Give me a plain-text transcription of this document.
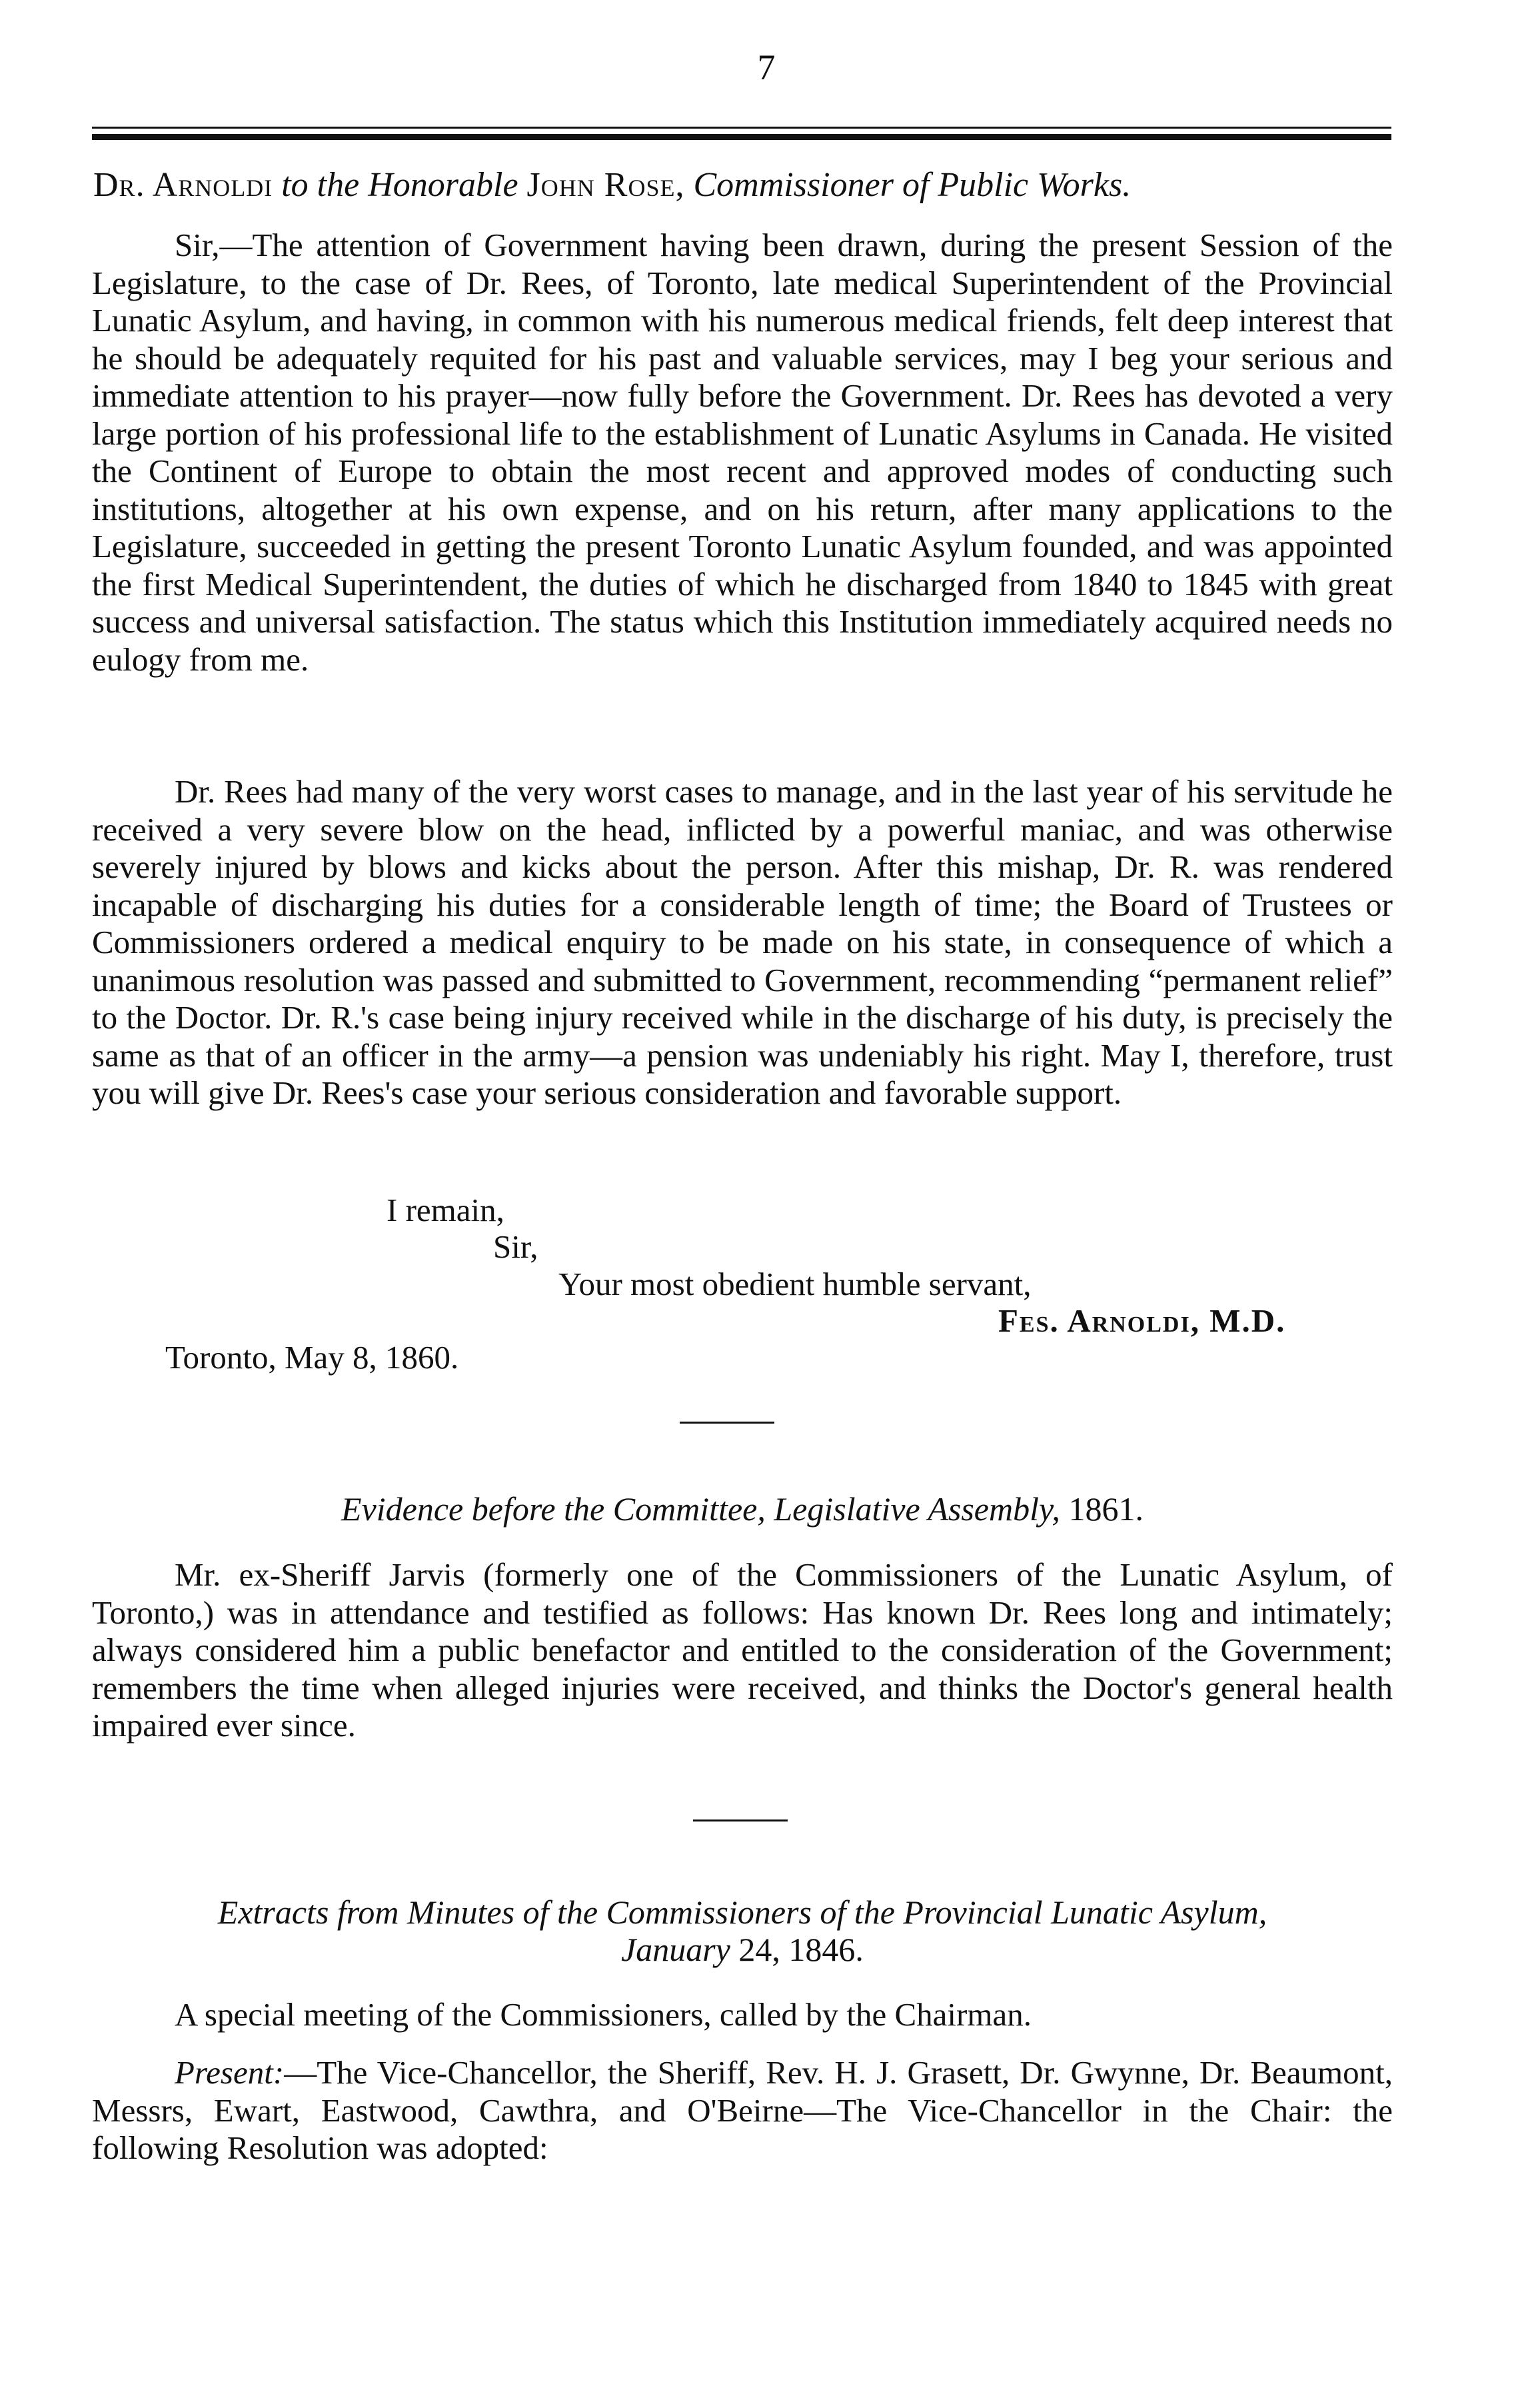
7
Dr. Arnoldi to the Honorable John Rose, Commissioner of Public Works.

Sir,—The attention of Government having been drawn, during the present Session of the Legislature, to the case of Dr. Rees, of Toronto, late medical Superintendent of the Provincial Lunatic Asylum, and having, in common with his numerous medical friends, felt deep interest that he should be adequately requited for his past and valuable services, may I beg your serious and immediate attention to his prayer—now fully before the Government. Dr. Rees has devoted a very large portion of his professional life to the establishment of Lunatic Asylums in Canada. He visited the Continent of Europe to obtain the most recent and approved modes of conducting such institutions, altogether at his own expense, and on his return, after many applications to the Legislature, succeeded in getting the present Toronto Lunatic Asylum founded, and was appointed the first Medical Superintendent, the duties of which he discharged from 1840 to 1845 with great success and universal satisfaction. The status which this Institution immediately acquired needs no eulogy from me.

Dr. Rees had many of the very worst cases to manage, and in the last year of his servitude he received a very severe blow on the head, inflicted by a powerful maniac, and was otherwise severely injured by blows and kicks about the person. After this mishap, Dr. R. was rendered incapable of discharging his duties for a considerable length of time; the Board of Trustees or Commissioners ordered a medical enquiry to be made on his state, in consequence of which a unanimous resolution was passed and submitted to Government, recommending “permanent relief” to the Doctor. Dr. R.'s case being injury received while in the discharge of his duty, is precisely the same as that of an officer in the army—a pension was undeniably his right. May I, therefore, trust you will give Dr. Rees's case your serious consideration and favorable support.

I remain,
Sir,
Your most obedient humble servant,
Fes. Arnoldi, M.D.
Toronto, May 8, 1860.
Evidence before the Committee, Legislative Assembly, 1861.

Mr. ex-Sheriff Jarvis (formerly one of the Commissioners of the Lunatic Asylum, of Toronto,) was in attendance and testified as follows: Has known Dr. Rees long and intimately; always considered him a public benefactor and entitled to the consideration of the Government; remembers the time when alleged injuries were received, and thinks the Doctor's general health impaired ever since.

Extracts from Minutes of the Commissioners of the Provincial Lunatic Asylum,
January 24, 1846.

A special meeting of the Commissioners, called by the Chairman.

Present:—The Vice-Chancellor, the Sheriff, Rev. H. J. Grasett, Dr. Gwynne, Dr. Beaumont, Messrs, Ewart, Eastwood, Cawthra, and O'Beirne—The Vice-Chancellor in the Chair: the following Resolution was adopted:
